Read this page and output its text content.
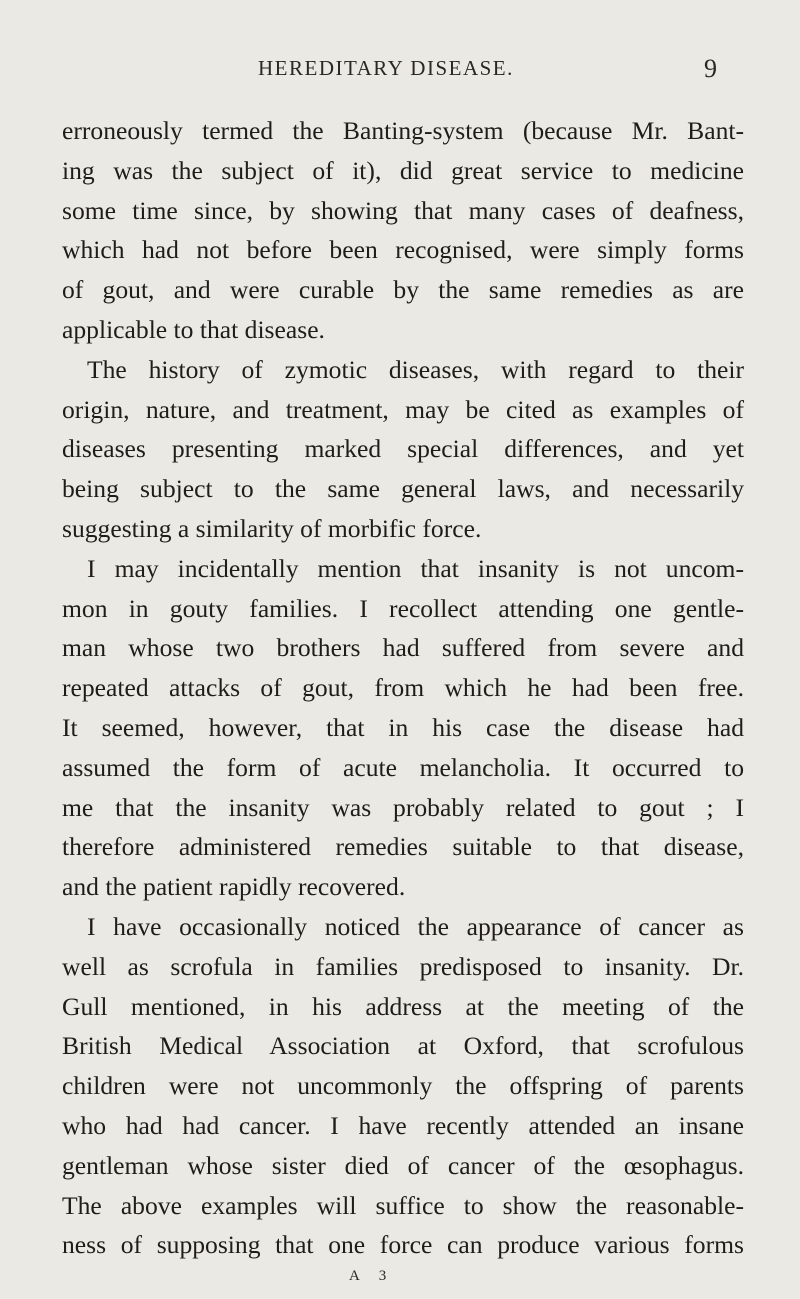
HEREDITARY DISEASE.	9
erroneously termed the Banting-system (because Mr. Bant-
ing was the subject of it), did great service to medicine
some time since, by showing that many cases of deafness,
which had not before been recognised, were simply forms
of gout, and were curable by the same remedies as are
applicable to that disease.
The history of zymotic diseases, with regard to their
origin, nature, and treatment, may be cited as examples of
diseases presenting marked special differences, and yet
being subject to the same general laws, and necessarily
suggesting a similarity of morbific force.
I may incidentally mention that insanity is not uncom-
mon in gouty families. I recollect attending one gentle-
man whose two brothers had suffered from severe and
repeated attacks of gout, from which he had been free.
It seemed, however, that in his case the disease had
assumed the form of acute melancholia. It occurred to
me that the insanity was probably related to gout ; I
therefore administered remedies suitable to that disease,
and the patient rapidly recovered.
I have occasionally noticed the appearance of cancer as
well as scrofula in families predisposed to insanity. Dr.
Gull mentioned, in his address at the meeting of the
British Medical Association at Oxford, that scrofulous
children were not uncommonly the offspring of parents
who had had cancer. I have recently attended an insane
gentleman whose sister died of cancer of the œsophagus.
The above examples will suffice to show the reasonable-
ness of supposing that one force can produce various forms
A 3
